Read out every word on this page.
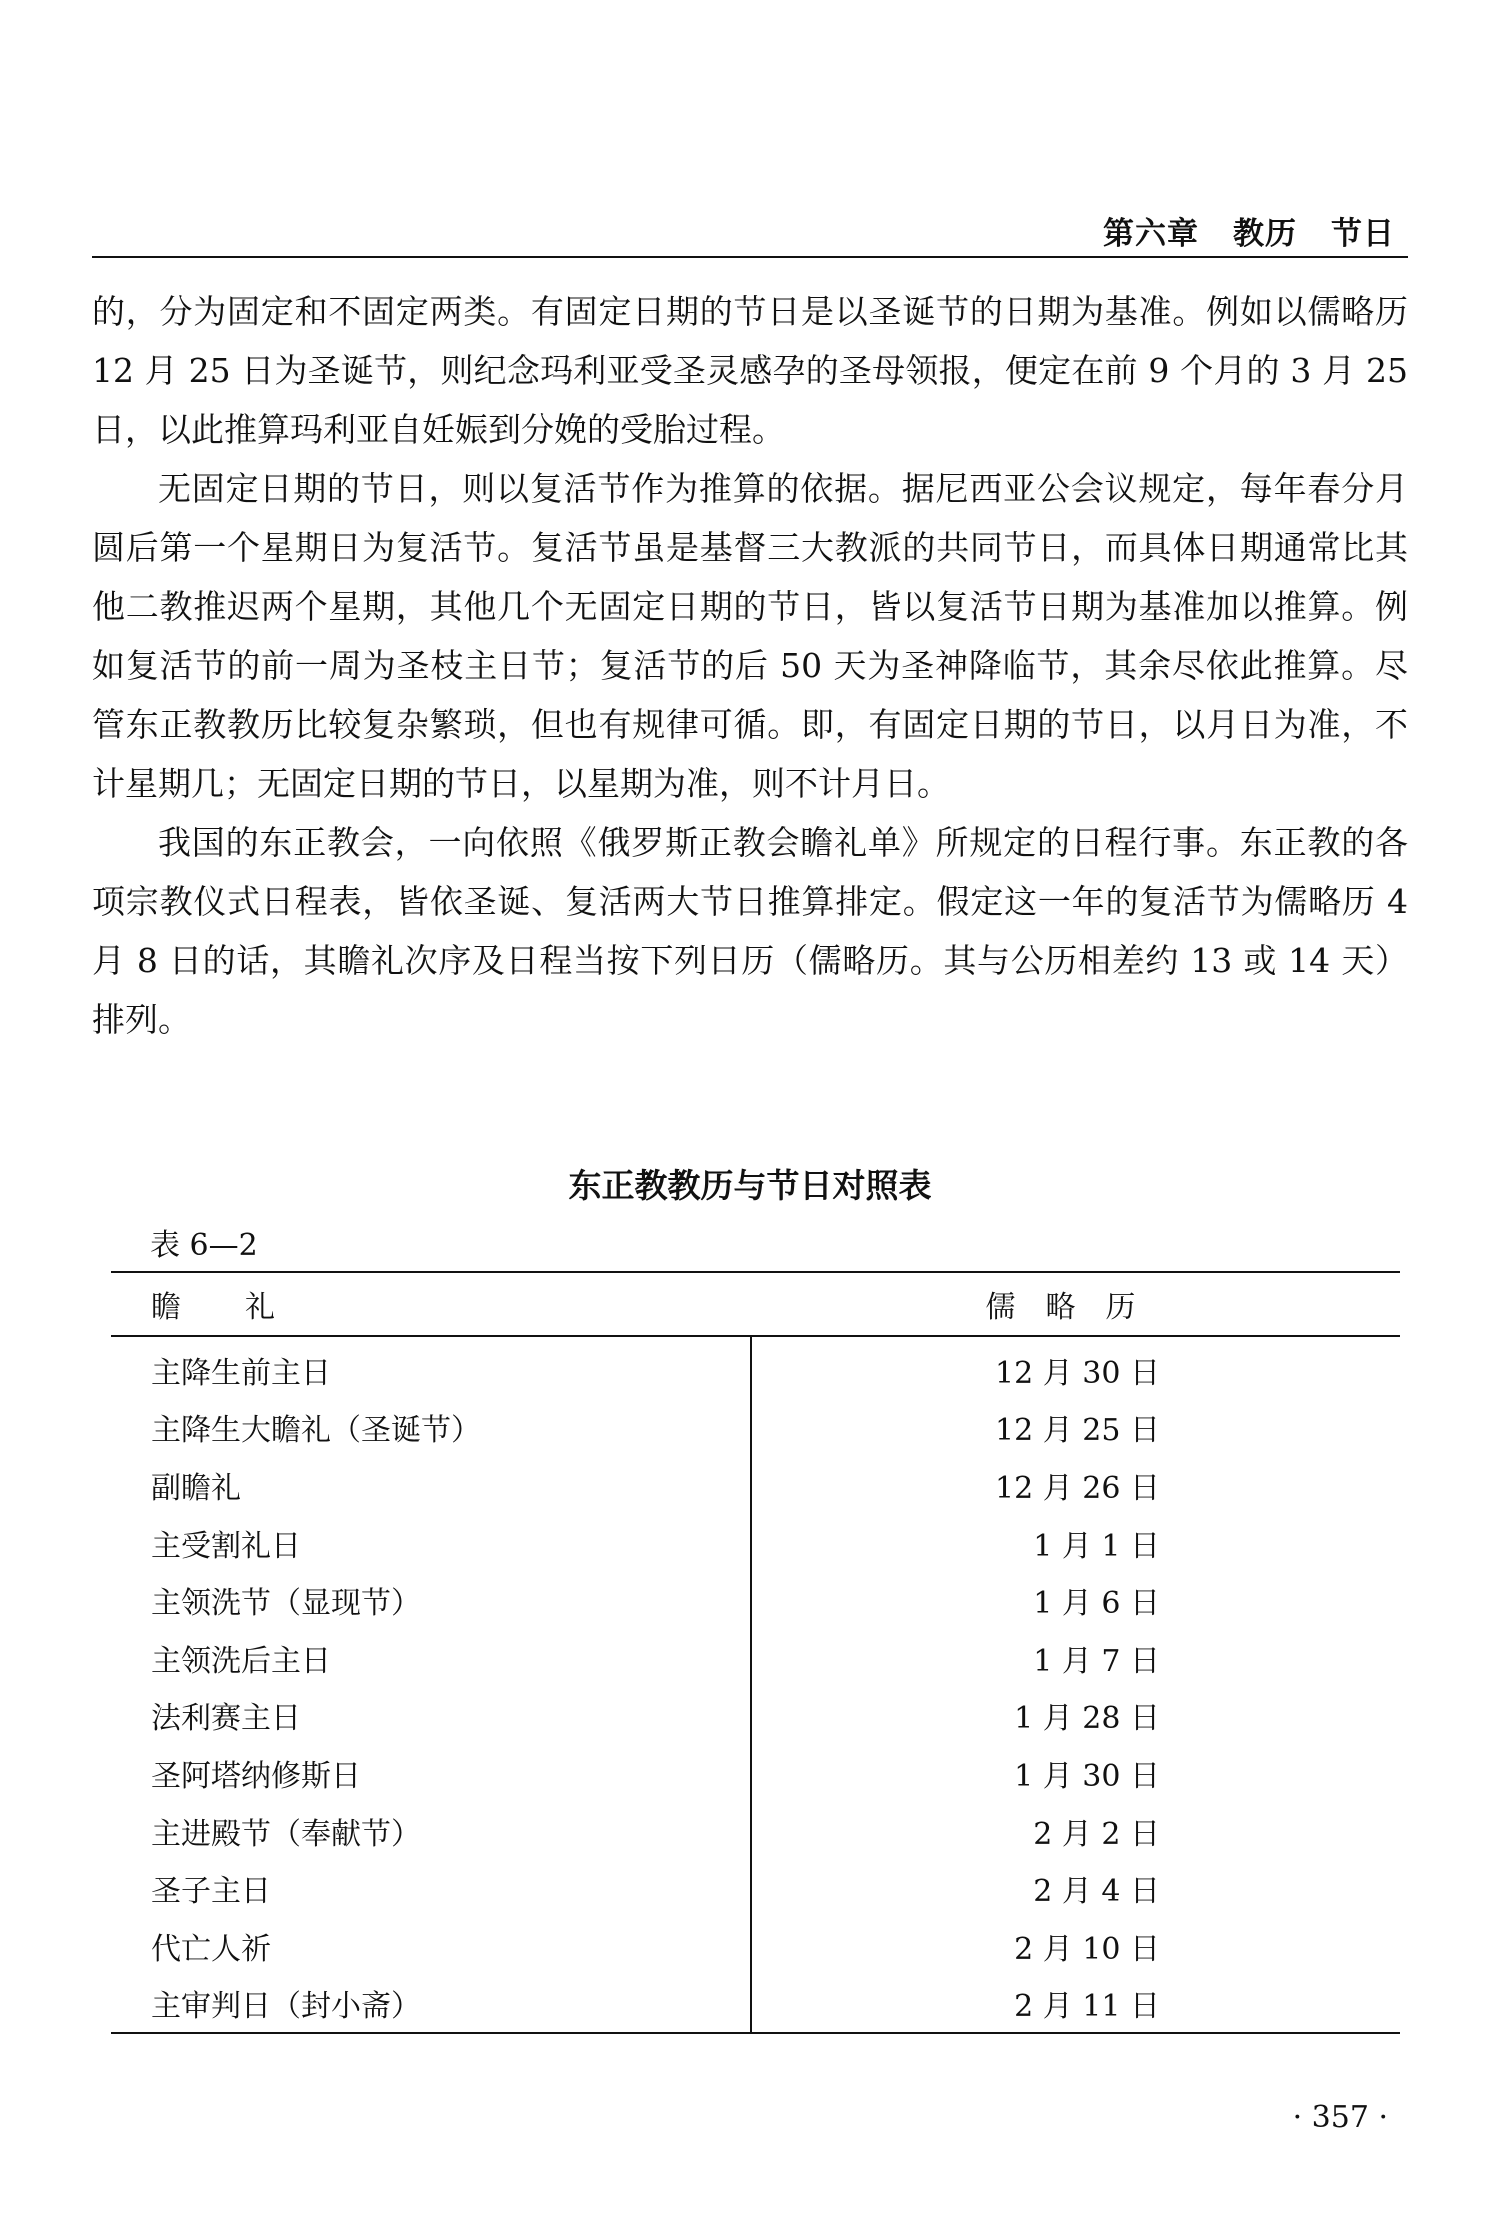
第六章 教历 节日

的，分为固定和不固定两类。有固定日期的节日是以圣诞节的日期为基准。例如以儒略历 12 月 25 日为圣诞节，则纪念玛利亚受圣灵感孕的圣母领报，便定在前 9 个月的 3 月 25 日，以此推算玛利亚自妊娠到分娩的受胎过程。

无固定日期的节日，则以复活节作为推算的依据。据尼西亚公会议规定，每年春分月圆后第一个星期日为复活节。复活节虽是基督三大教派的共同节日，而具体日期通常比其他二教推迟两个星期，其他几个无固定日期的节日，皆以复活节日期为基准加以推算。例如复活节的前一周为圣枝主日节；复活节的后 50 天为圣神降临节，其余尽依此推算。尽管东正教教历比较复杂繁琐，但也有规律可循。即，有固定日期的节日，以月日为准，不计星期几；无固定日期的节日，以星期为准，则不计月日。

我国的东正教会，一向依照《俄罗斯正教会瞻礼单》所规定的日程行事。东正教的各项宗教仪式日程表，皆依圣诞、复活两大节日推算排定。假定这一年的复活节为儒略历 4 月 8 日的话，其瞻礼次序及日程当按下列日历（儒略历。其与公历相差约 13 或 14 天）排列。

东正教教历与节日对照表
表 6—2
瞻礼	儒略历
主降生前主日	12 月 30 日
主降生大瞻礼（圣诞节）	12 月 25 日
副瞻礼	12 月 26 日
主受割礼日	1 月 1 日
主领洗节（显现节）	1 月 6 日
主领洗后主日	1 月 7 日
法利赛主日	1 月 28 日
圣阿塔纳修斯日	1 月 30 日
主进殿节（奉献节）	2 月 2 日
圣子主日	2 月 4 日
代亡人祈	2 月 10 日
主审判日（封小斋）	2 月 11 日
· 357 ·
